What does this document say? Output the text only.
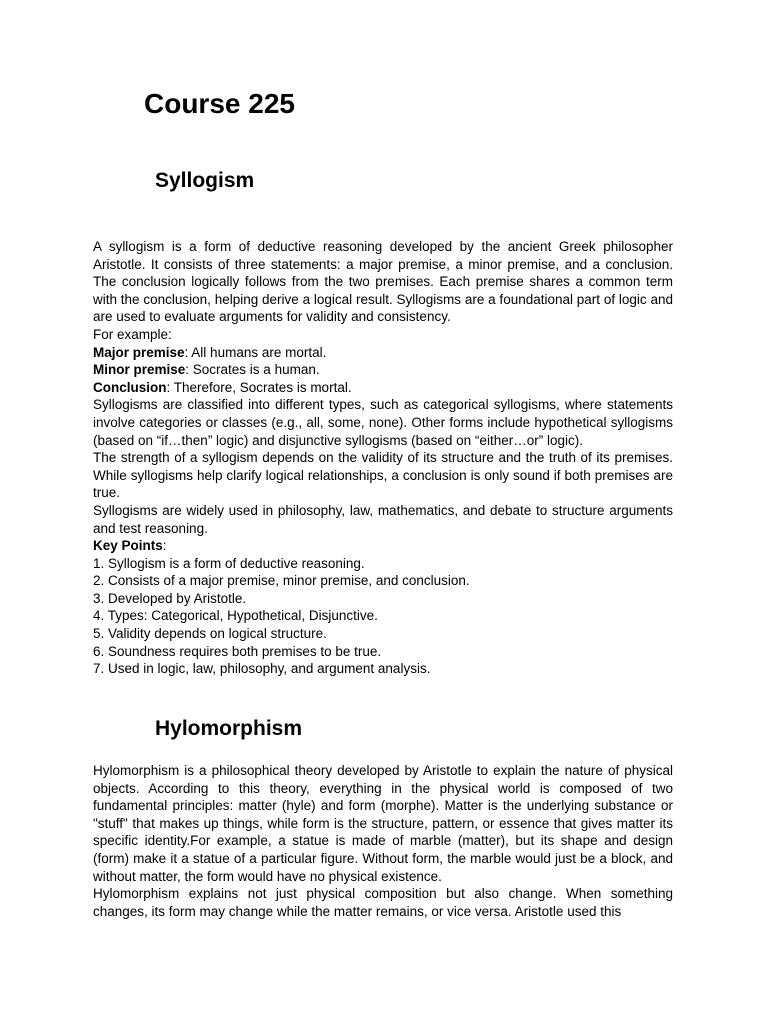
Course 225
Syllogism

A syllogism is a form of deductive reasoning developed by the ancient Greek philosopher Aristotle. It consists of three statements: a major premise, a minor premise, and a conclusion. The conclusion logically follows from the two premises. Each premise shares a common term with the conclusion, helping derive a logical result. Syllogisms are a foundational part of logic and are used to evaluate arguments for validity and consistency.

For example:

Major premise: All humans are mortal.

Minor premise: Socrates is a human.

Conclusion: Therefore, Socrates is mortal.

Syllogisms are classified into different types, such as categorical syllogisms, where statements involve categories or classes (e.g., all, some, none). Other forms include hypothetical syllogisms (based on “if…then” logic) and disjunctive syllogisms (based on “either…or” logic).

The strength of a syllogism depends on the validity of its structure and the truth of its premises. While syllogisms help clarify logical relationships, a conclusion is only sound if both premises are true.

Syllogisms are widely used in philosophy, law, mathematics, and debate to structure arguments and test reasoning.

Key Points:

1. Syllogism is a form of deductive reasoning.

2. Consists of a major premise, minor premise, and conclusion.

3. Developed by Aristotle.

4. Types: Categorical, Hypothetical, Disjunctive.

5. Validity depends on logical structure.

6. Soundness requires both premises to be true.

7. Used in logic, law, philosophy, and argument analysis.

Hylomorphism

Hylomorphism is a philosophical theory developed by Aristotle to explain the nature of physical objects. According to this theory, everything in the physical world is composed of two fundamental principles: matter (hyle) and form (morphe). Matter is the underlying substance or "stuff" that makes up things, while form is the structure, pattern, or essence that gives matter its specific identity.For example, a statue is made of marble (matter), but its shape and design (form) make it a statue of a particular figure. Without form, the marble would just be a block, and without matter, the form would have no physical existence.

Hylomorphism explains not just physical composition but also change. When something changes, its form may change while the matter remains, or vice versa. Aristotle used this
